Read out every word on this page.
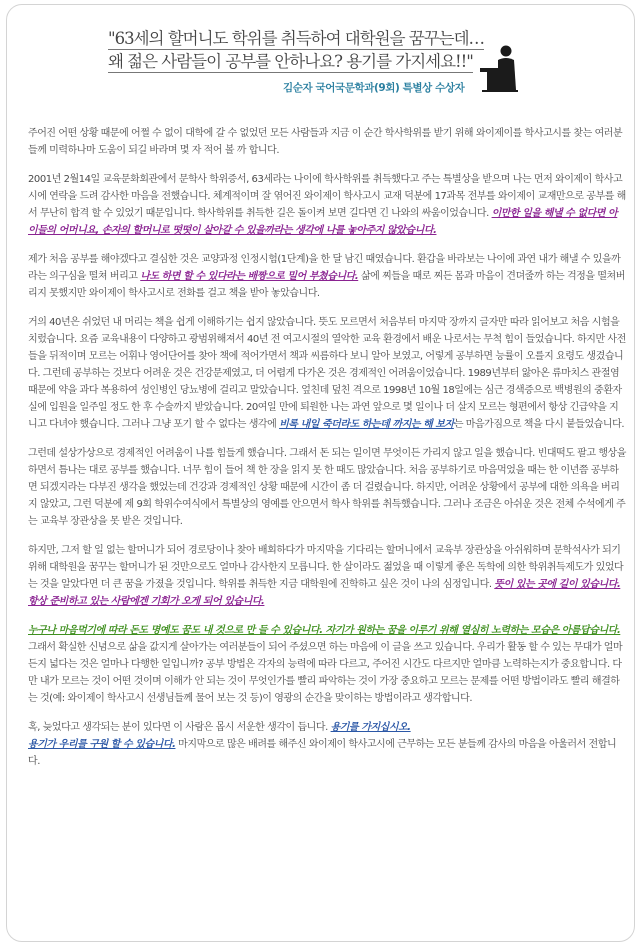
"63세의 할머니도 학위를 취득하여 대학원을 꿈꾸는데…
왜 젊은 사람들이 공부를 안하나요? 용기를 가지세요!!"
김순자 국어국문학과(9회) 특별상 수상자

주어진 어떤 상황 때문에 어쩔 수 없이 대학에 갈 수 없었던 모든 사람들과 지금 이 순간 학사학위를 받기 위해 와이제이를 학사고시를 찾는 여러분들께 미력하나마 도움이 되길 바라며 몇 자 적어 볼 까 합니다.

2001년 2월14일 교육문화회관에서 문학사 학위증서, 63세라는 나이에 학사학위를 취득했다고 주는 특별상을 받으며 나는 먼저 와이제이 학사고시에 연락을 드려 감사한 마음을 전했습니다. 체계적이며 잘 엮어진 와이제이 학사고시 교재 덕분에 17과목 전부를 와이제이 교재만으로 공부를 해서 무난히 합격 할 수 있었기 때문입니다. 학사학위를 취득한 길은 돌이켜 보면 길다면 긴 나와의 싸움이었습니다. 이만한 일을 해낼 수 없다면 아이들의 어머니요, 손자의 할머니로 떳떳이 살아갈 수 있을까라는 생각에 나를 놓아주지 않았습니다.

제가 처음 공부를 해야겠다고 결심한 것은 교양과정 인정시험(1단계)을 한 달 남긴 때였습니다. 환갑을 바라보는 나이에 과연 내가 해낼 수 있을까라는 의구심을 떨쳐 버리고 나도 하면 할 수 있다라는 배짱으로 밀어 부쳤습니다. 삶에 찌들을 때로 찌든 몸과 마음이 견뎌줄까 하는 걱정을 떨쳐버리지 못했지만 와이제이 학사고시로 전화를 걸고 책을 받아 놓았습니다.

거의 40년은 쉬었던 내 머리는 책을 쉽게 이해하기는 쉽지 않았습니다. 뜻도 모르면서 처음부터 마지막 장까지 글자만 따라 읽어보고 처음 시험을 치렀습니다. 요즘 교육내용이 다양하고 광범위해져서 40년 전 여고시절의 열악한 교육 환경에서 배운 나로서는 무척 힘이 들었습니다. 하지만 사전들을 뒤적이며 모르는 어휘나 영어단어를 찾아 책에 적어가면서 책과 씨름하다 보니 알아 보였고, 어렇게 공부하면 능률이 오를지 요령도 생겼습니다. 그런데 공부하는 것보다 어려운 것은 건강문제였고, 더 어렵게 다가온 것은 경제적인 어려움이었습니다. 1989년부터 앓아온 류마치스 관절염 때문에 약을 과다 복용하여 성인병인 당뇨병에 걸리고 말았습니다. 엎친데 덮친 격으로 1998년 10월 18일에는 심근 경색증으로 백병원의 중환자실에 입원을 일주일 정도 한 후 수술까지 받았습니다. 20여일 만에 퇴원한 나는 과연 앞으로 몇 일이나 더 살지 모르는 형편에서 항상 긴급약을 지니고 다녀야 했습니다. 그러나 그냥 포기 할 수 없다는 생각에 비록 내일 죽더라도 하는데 까지는 해 보자는 마음가짐으로 책을 다시 붙들었습니다.

그런데 설상가상으로 경제적인 어려움이 나를 힘들게 했습니다. 그래서 돈 되는 일이면 무엇이든 가리지 않고 일을 했습니다. 빈대떡도 팔고 행상을 하면서 틈나는 대로 공부를 했습니다. 너무 힘이 들어 책 한 장을 읽지 못 한 때도 많았습니다. 처음 공부하기로 마음먹었을 때는 한 이년쯤 공부하면 되겠지라는 다부진 생각을 했었는데 건강과 경제적인 상황 때문에 시간이 좀 더 걸렸습니다. 하지만, 어려운 상황에서 공부에 대한 의욕을 버리지 않았고, 그런 덕분에 제 9회 학위수여식에서 특별상의 영예를 안으면서 학사 학위를 취득했습니다. 그러나 조금은 아쉬운 것은 전체 수석에게 주는 교육부 장관상을 못 받은 것입니다.

하지만, 그저 할 일 없는 할머니가 되어 경로당이나 찾아 배회하다가 마지막을 기다리는 할머니에서 교육부 장관상을 아쉬워하며 문학석사가 되기 위해 대학원을 꿈꾸는 할머니가 된 것만으로도 얼마나 감사한지 모릅니다. 한 살이라도 젊었을 때 이렇게 좋은 독학에 의한 학위취득제도가 있었다는 것을 알았다면 더 큰 꿈을 가졌을 것입니다. 학위를 취득한 지금 대학원에 진학하고 싶은 것이 나의 심정입니다. 뜻이 있는 곳에 길이 있습니다. 항상 준비하고 있는 사람에겐 기회가 오게 되어 있습니다.

누구나 마음먹기에 따라 돈도 명예도 꿈도 내 것으로 만 들 수 있습니다. 자기가 원하는 꿈을 이루기 위해 열심히 노력하는 모습은 아름답습니다. 그래서 확실한 신념으로 삶을 값지게 살아가는 여러분들이 되어 주셨으면 하는 마음에 이 글을 쓰고 있습니다. 우리가 활동 할 수 있는 무대가 얼마든지 넓다는 것은 얼마나 다행한 일입니까? 공부 방법은 각자의 능력에 따라 다르고, 주어진 시간도 다르지만 얼마큼 노력하는지가 중요합니다. 다만 내가 모르는 것이 어떤 것이며 이해가 안 되는 것이 무엇인가를 빨리 파악하는 것이 가장 중요하고 모르는 문제를 어떤 방법이라도 빨리 해결하는 것(예: 와이제이 학사고시 선생님들께 물어 보는 것 등)이 영광의 순간을 맞이하는 방법이라고 생각합니다.

혹, 늦었다고 생각되는 분이 있다면 이 사람은 몹시 서운한 생각이 듭니다. 용기를 가지십시오.
용기가 우리를 구원 할 수 있습니다. 마지막으로 많은 배려를 해주신 와이제이 학사고시에 근무하는 모든 분들께 감사의 마음을 아울러서 전합니다.
